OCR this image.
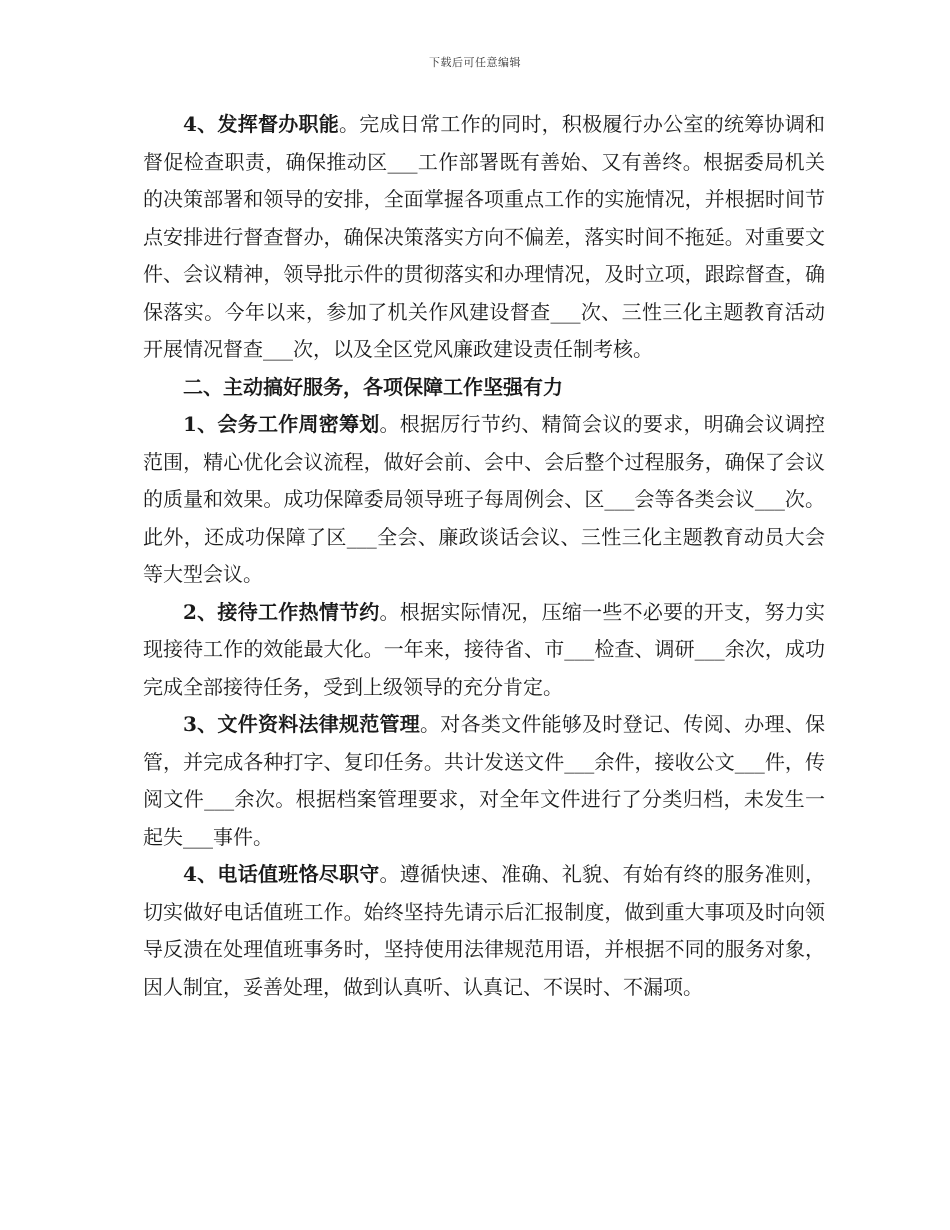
下载后可任意编辑

4、发挥督办职能。完成日常工作的同时，积极履行办公室的统筹协调和督促检查职责，确保推动区___工作部署既有善始、又有善终。根据委局机关的决策部署和领导的安排，全面掌握各项重点工作的实施情况，并根据时间节点安排进行督查督办，确保决策落实方向不偏差，落实时间不拖延。对重要文件、会议精神，领导批示件的贯彻落实和办理情况，及时立项，跟踪督查，确保落实。今年以来，参加了机关作风建设督查___次、三性三化主题教育活动开展情况督查___次，以及全区党风廉政建设责任制考核。

二、主动搞好服务，各项保障工作坚强有力

1、会务工作周密筹划。根据厉行节约、精简会议的要求，明确会议调控范围，精心优化会议流程，做好会前、会中、会后整个过程服务，确保了会议的质量和效果。成功保障委局领导班子每周例会、区___会等各类会议___次。此外，还成功保障了区___全会、廉政谈话会议、三性三化主题教育动员大会等大型会议。

2、接待工作热情节约。根据实际情况，压缩一些不必要的开支，努力实现接待工作的效能最大化。一年来，接待省、市___检查、调研___余次，成功完成全部接待任务，受到上级领导的充分肯定。

3、文件资料法律规范管理。对各类文件能够及时登记、传阅、办理、保管，并完成各种打字、复印任务。共计发送文件___余件，接收公文___件，传阅文件___余次。根据档案管理要求，对全年文件进行了分类归档，未发生一起失___事件。

4、电话值班恪尽职守。遵循快速、准确、礼貌、有始有终的服务准则，切实做好电话值班工作。始终坚持先请示后汇报制度，做到重大事项及时向领导反溃在处理值班事务时，坚持使用法律规范用语，并根据不同的服务对象，因人制宜，妥善处理，做到认真听、认真记、不误时、不漏项。
